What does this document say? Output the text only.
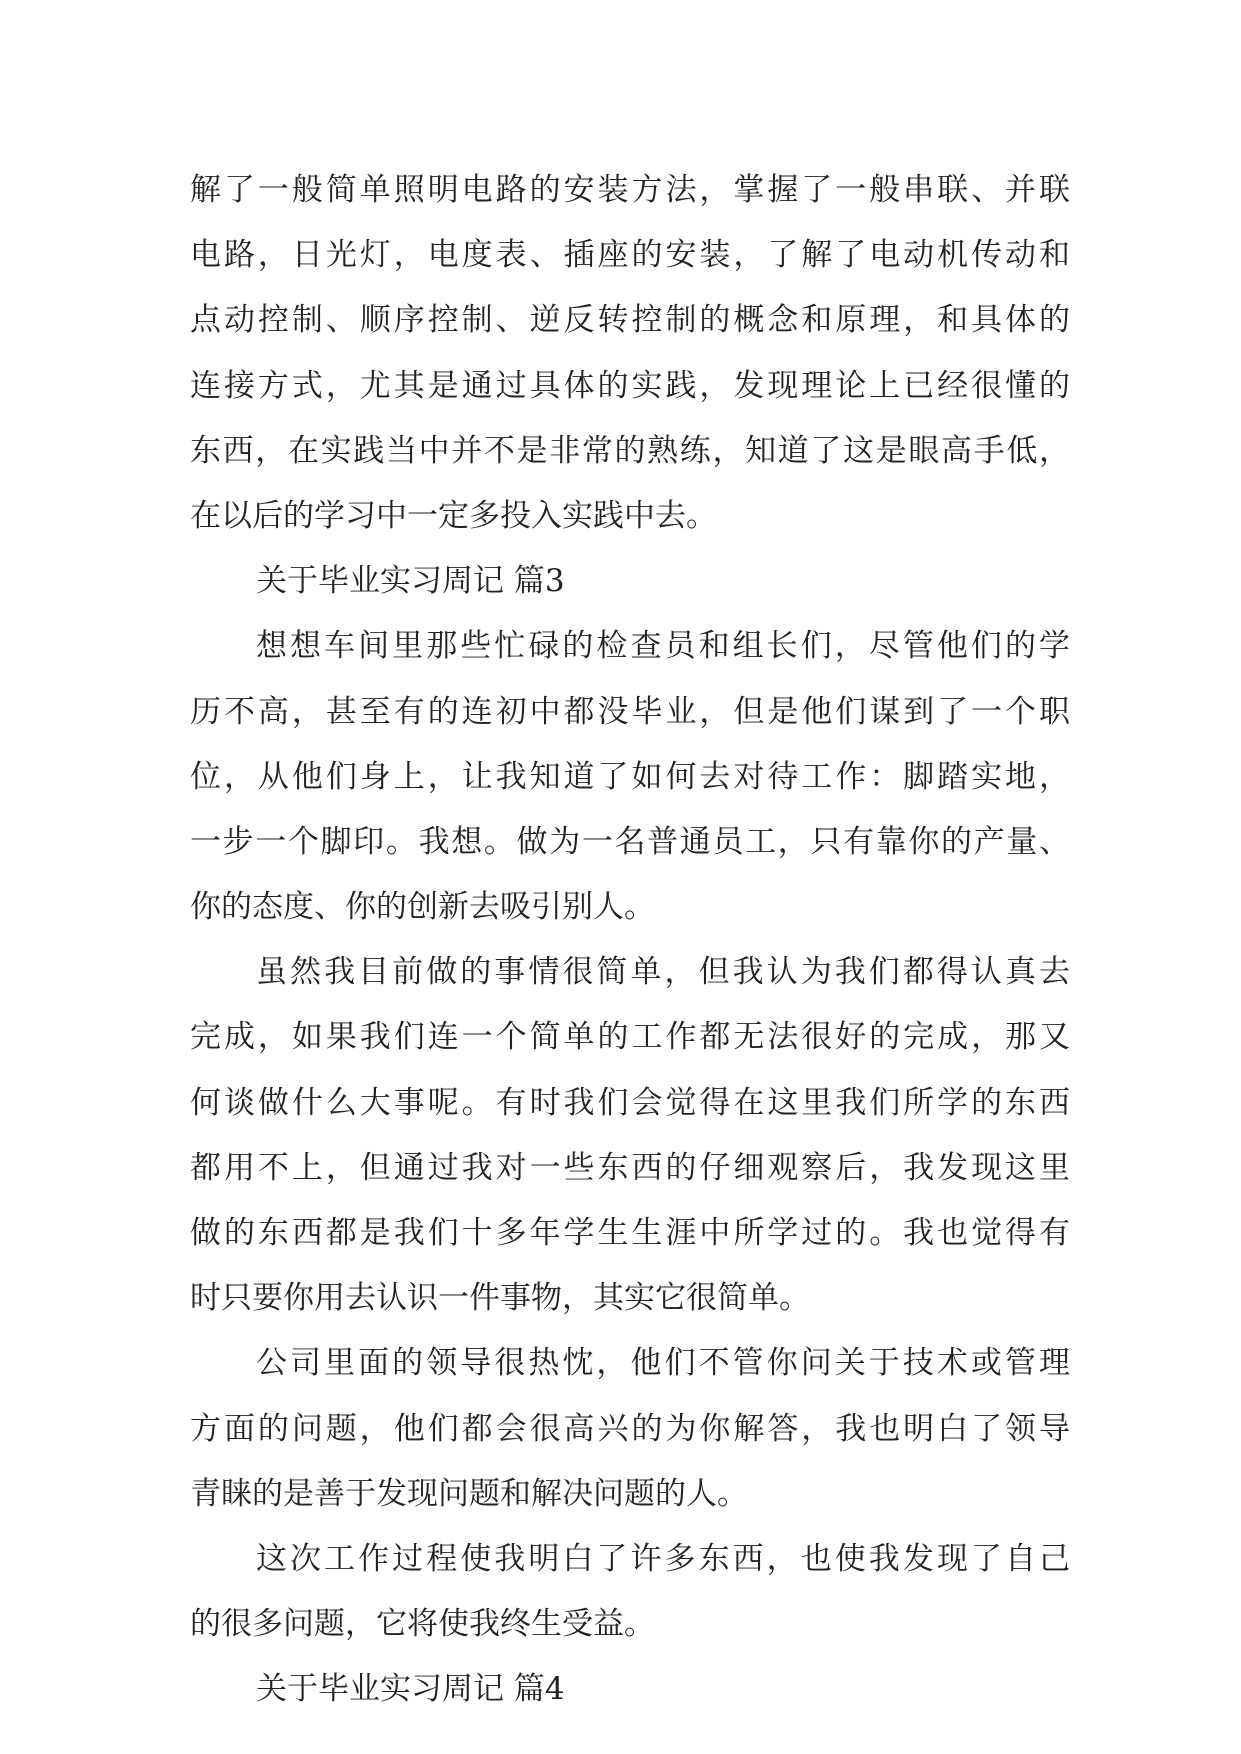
解了一般简单照明电路的安装方法，掌握了一般串联、并联
电路，日光灯，电度表、插座的安装，了解了电动机传动和
点动控制、顺序控制、逆反转控制的概念和原理，和具体的
连接方式，尤其是通过具体的实践，发现理论上已经很懂的
东西，在实践当中并不是非常的熟练，知道了这是眼高手低，
在以后的学习中一定多投入实践中去。
关于毕业实习周记 篇3
想想车间里那些忙碌的检查员和组长们，尽管他们的学
历不高，甚至有的连初中都没毕业，但是他们谋到了一个职
位，从他们身上，让我知道了如何去对待工作：脚踏实地，
一步一个脚印。我想。做为一名普通员工，只有靠你的产量、
你的态度、你的创新去吸引别人。
虽然我目前做的事情很简单，但我认为我们都得认真去
完成，如果我们连一个简单的工作都无法很好的完成，那又
何谈做什么大事呢。有时我们会觉得在这里我们所学的东西
都用不上，但通过我对一些东西的仔细观察后，我发现这里
做的东西都是我们十多年学生生涯中所学过的。我也觉得有
时只要你用去认识一件事物，其实它很简单。
公司里面的领导很热忱，他们不管你问关于技术或管理
方面的问题，他们都会很高兴的为你解答，我也明白了领导
青睐的是善于发现问题和解决问题的人。
这次工作过程使我明白了许多东西，也使我发现了自己
的很多问题，它将使我终生受益。
关于毕业实习周记 篇4
